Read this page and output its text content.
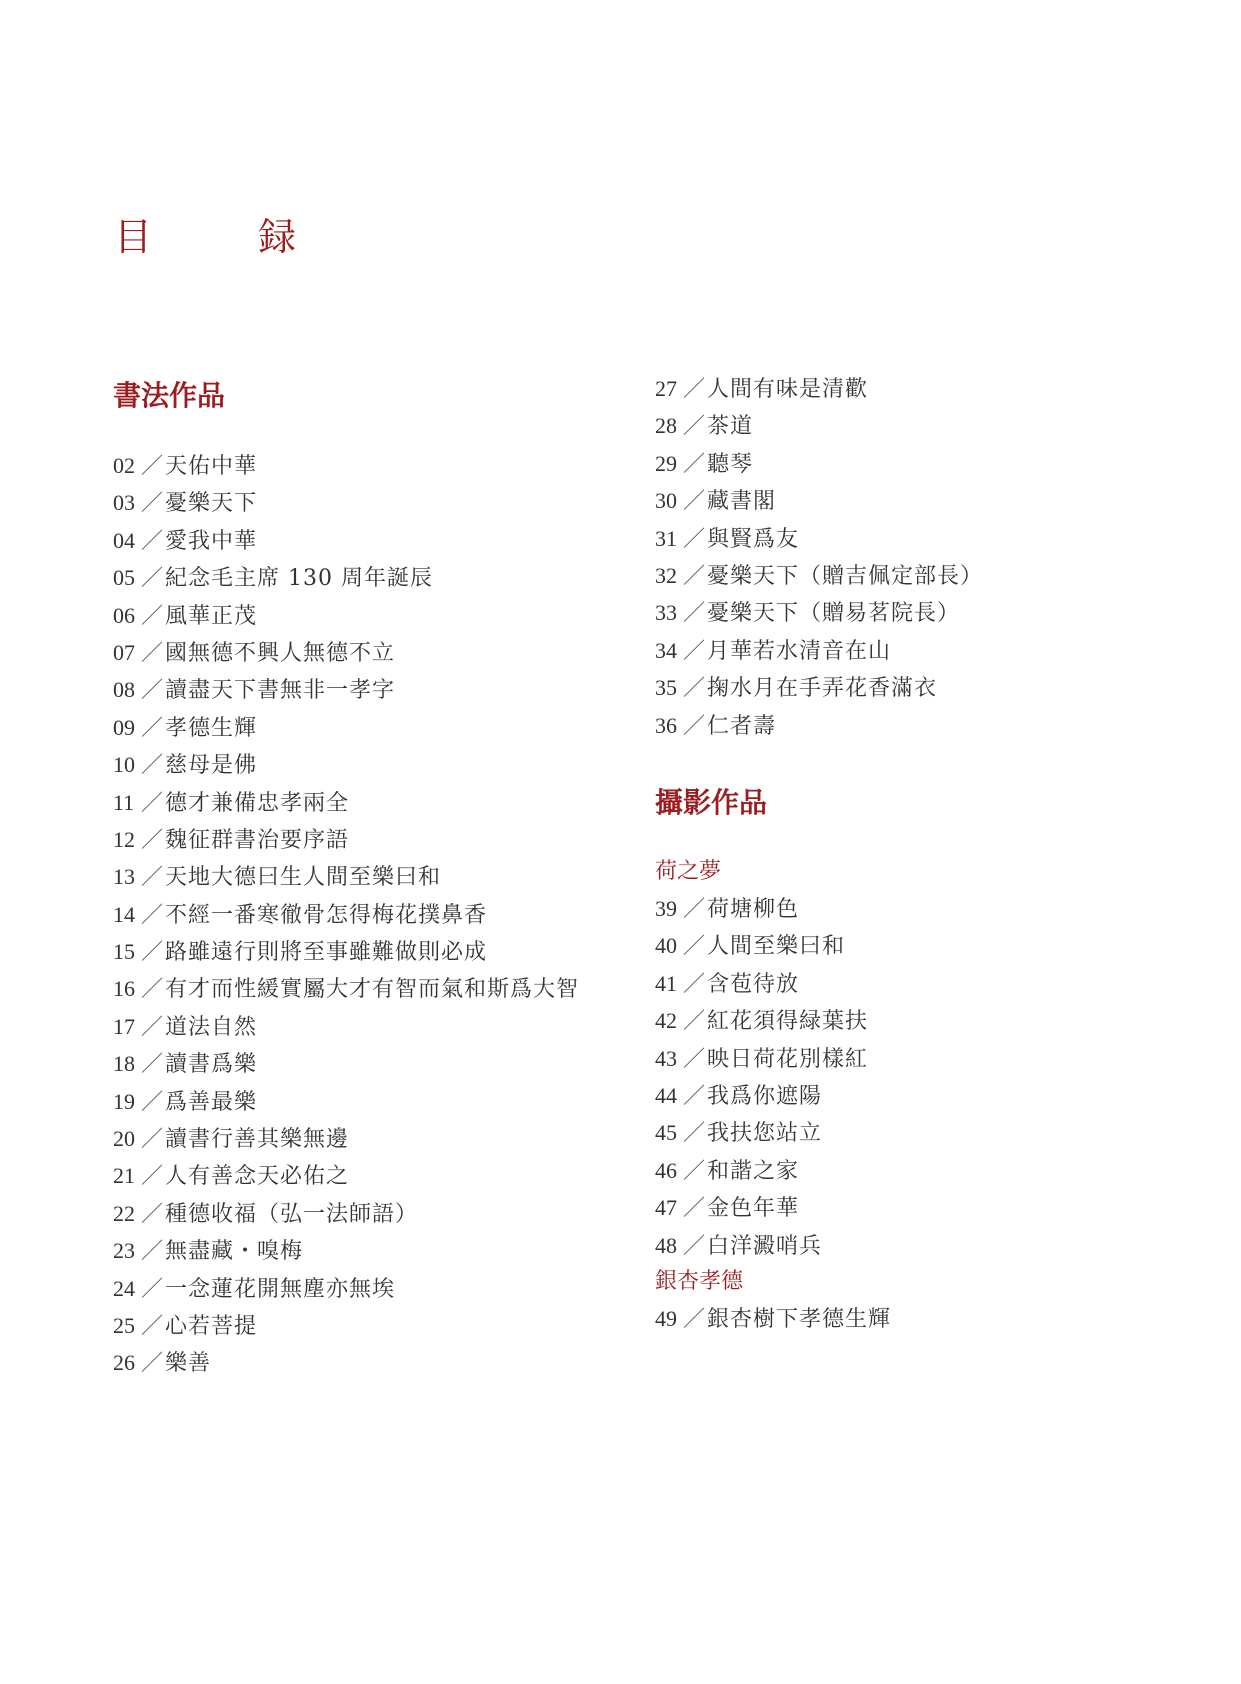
目　録
書法作品
02 ／天佑中華
03 ／憂樂天下
04 ／愛我中華
05 ／紀念毛主席 130 周年誕辰
06 ／風華正茂
07 ／國無德不興人無德不立
08 ／讀盡天下書無非一孝字
09 ／孝德生輝
10 ／慈母是佛
11 ／德才兼備忠孝兩全
12 ／魏征群書治要序語
13 ／天地大德曰生人間至樂曰和
14 ／不經一番寒徹骨怎得梅花撲鼻香
15 ／路雖遠行則將至事雖難做則必成
16 ／有才而性緩實屬大才有智而氣和斯爲大智
17 ／道法自然
18 ／讀書爲樂
19 ／爲善最樂
20 ／讀書行善其樂無邊
21 ／人有善念天必佑之
22 ／種德收福（弘一法師語）
23 ／無盡藏・嗅梅
24 ／一念蓮花開無塵亦無埃
25 ／心若菩提
26 ／樂善
27 ／人間有味是清歡
28 ／茶道
29 ／聽琴
30 ／藏書閣
31 ／與賢爲友
32 ／憂樂天下（贈吉佩定部長）
33 ／憂樂天下（贈易茗院長）
34 ／月華若水清音在山
35 ／掬水月在手弄花香滿衣
36 ／仁者壽
攝影作品
荷之夢
39 ／荷塘柳色
40 ／人間至樂曰和
41 ／含苞待放
42 ／紅花須得緑葉扶
43 ／映日荷花別樣紅
44 ／我爲你遮陽
45 ／我扶您站立
46 ／和諧之家
47 ／金色年華
48 ／白洋澱哨兵
銀杏孝德
49 ／銀杏樹下孝德生輝
